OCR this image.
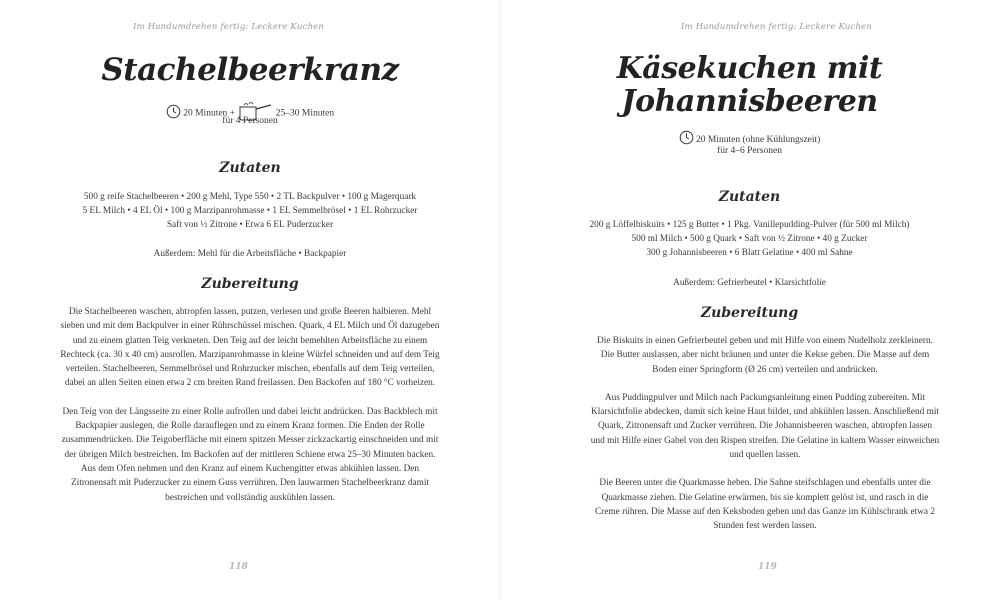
Im Handumdrehen fertig: Leckere Kuchen
Stachelbeerkranz
20 Minuten +	25–30 Minuten
für 4 Personen
Zutaten
500 g reife Stachelbeeren • 200 g Mehl, Type 550 • 2 TL Backpulver • 100 g Magerquark
5 EL Milch • 4 EL Öl • 100 g Marzipanrohmasse • 1 EL Semmelbrösel • 1 EL Rohrzucker
Saft von ½ Zitrone • Etwa 6 EL Puderzucker
Außerdem: Mehl für die Arbeitsfläche • Backpapier
Zubereitung

Die Stachelbeeren waschen, abtropfen lassen, putzen, verlesen und große Beeren halbieren. Mehl sieben und mit dem Backpulver in einer Rührschüssel mischen. Quark, 4 EL Milch und Öl dazugeben und zu einem glatten Teig verkneten. Den Teig auf der leicht bemehlten Arbeitsfläche zu einem Rechteck (ca. 30 x 40 cm) ausrollen. Marzipanrohmasse in kleine Würfel schneiden und auf dem Teig verteilen. Stachelbeeren, Semmelbrösel und Rohrzucker mischen, ebenfalls auf dem Teig verteilen, dabei an allen Seiten einen etwa 2 cm breiten Rand freilassen. Den Backofen auf 180 °C vorheizen.

Den Teig von der Längsseite zu einer Rolle aufrollen und dabei leicht andrücken. Das Backblech mit Backpapier auslegen, die Rolle darauflegen und zu einem Kranz formen. Die Enden der Rolle zusammendrücken. Die Teigoberfläche mit einem spitzen Messer zickzackartig einschneiden und mit der übrigen Milch bestreichen. Im Backofen auf der mittleren Schiene etwa 25–30 Minuten backen. Aus dem Ofen nehmen und den Kranz auf einem Kuchengitter etwas abkühlen lassen. Den Zitronensaft mit Puderzucker zu einem Guss verrühren. Den lauwarmen Stachelbeerkranz damit bestreichen und vollständig auskühlen lassen.

118
Im Handumdrehen fertig: Leckere Kuchen
Käsekuchen mit
Johannisbeeren
20 Minuten (ohne Kühlungszeit)
für 4–6 Personen
Zutaten
200 g Löffelbiskuits • 125 g Butter • 1 Pkg. Vanillepudding-Pulver (für 500 ml Milch)
500 ml Milch • 500 g Quark • Saft von ½ Zitrone • 40 g Zucker
300 g Johannisbeeren • 6 Blatt Gelatine • 400 ml Sahne
Außerdem: Gefrierbeutel • Klarsichtfolie
Zubereitung

Die Biskuits in einen Gefrierbeutel geben und mit Hilfe von einem Nudelholz zerkleinern. Die Butter auslassen, aber nicht bräunen und unter die Kekse geben. Die Masse auf dem Boden einer Springform (Ø 26 cm) verteilen und andrücken.

Aus Puddingpulver und Milch nach Packungsanleitung einen Pudding zubereiten. Mit Klarsichtfolie abdecken, damit sich keine Haut bildet, und abkühlen lassen. Anschließend mit Quark, Zitronensaft und Zucker verrühren. Die Johannisbeeren waschen, abtropfen lassen und mit Hilfe einer Gabel von den Rispen streifen. Die Gelatine in kaltem Wasser einweichen und quellen lassen.

Die Beeren unter die Quarkmasse heben. Die Sahne steifschlagen und ebenfalls unter die Quarkmasse ziehen. Die Gelatine erwärmen, bis sie komplett gelöst ist, und rasch in die Creme rühren. Die Masse auf den Keksboden geben und das Ganze im Kühlschrank etwa 2 Stunden fest werden lassen.

119
